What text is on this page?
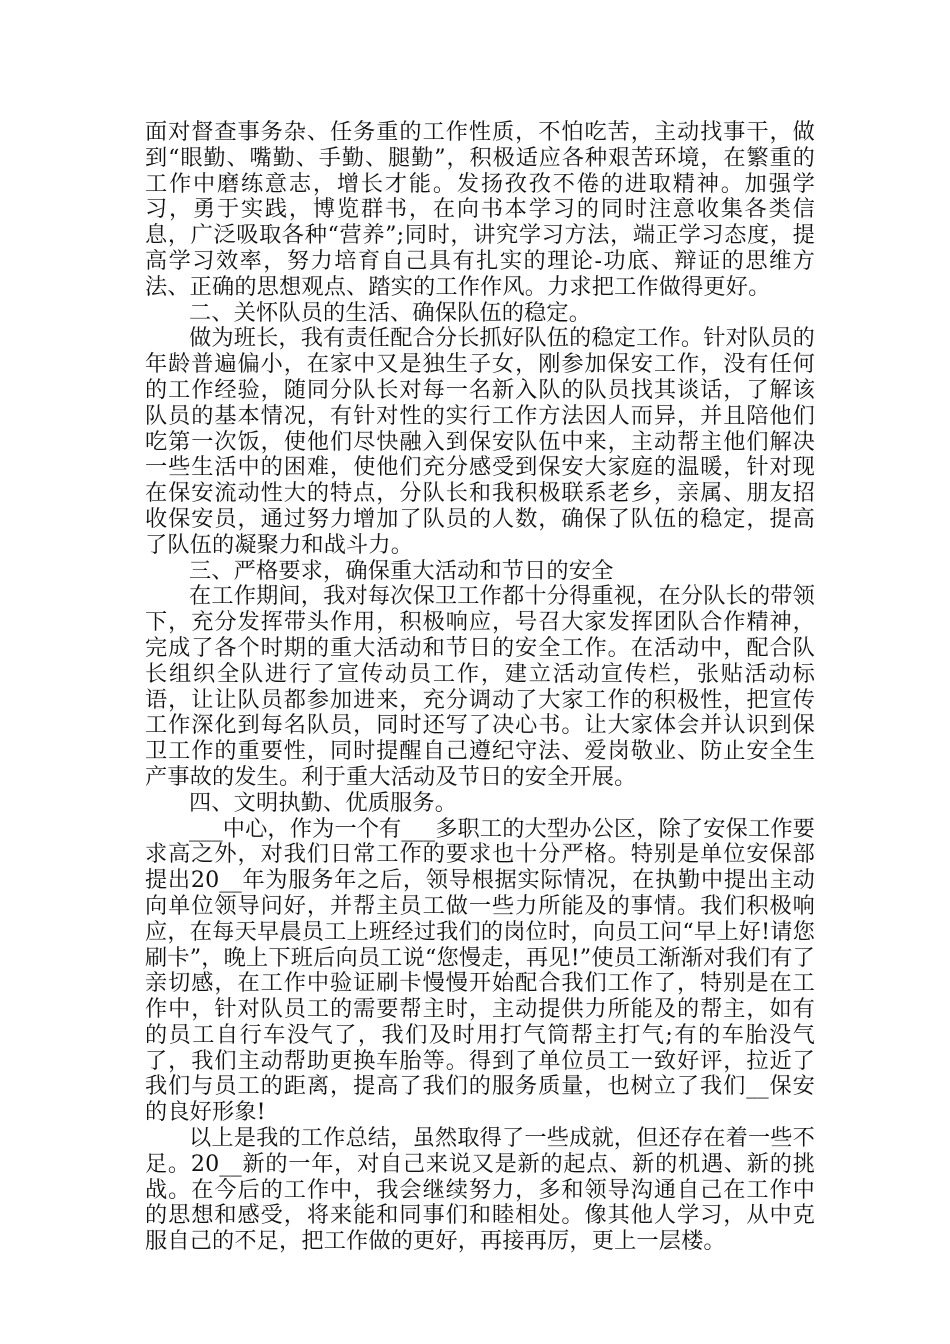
面对督查事务杂、任务重的工作性质，不怕吃苦，主动找事干，做到“眼勤、嘴勤、手勤、腿勤”，积极适应各种艰苦环境，在繁重的工作中磨练意志，增长才能。发扬孜孜不倦的进取精神。加强学习，勇于实践，博览群书，在向书本学习的同时注意收集各类信息，广泛吸取各种“营养”;同时，讲究学习方法，端正学习态度，提高学习效率，努力培育自己具有扎实的理论-功底、辩证的思维方法、正确的思想观点、踏实的工作作风。力求把工作做得更好。

二、关怀队员的生活、确保队伍的稳定。

做为班长，我有责任配合分长抓好队伍的稳定工作。针对队员的年龄普遍偏小，在家中又是独生子女，刚参加保安工作，没有任何的工作经验，随同分队长对每一名新入队的队员找其谈话，了解该队员的基本情况，有针对性的实行工作方法因人而异，并且陪他们吃第一次饭，使他们尽快融入到保安队伍中来，主动帮主他们解决一些生活中的困难，使他们充分感受到保安大家庭的温暖，针对现在保安流动性大的特点，分队长和我积极联系老乡，亲属、朋友招收保安员，通过努力增加了队员的人数，确保了队伍的稳定，提高了队伍的凝聚力和战斗力。

三、严格要求，确保重大活动和节日的安全

在工作期间，我对每次保卫工作都十分得重视，在分队长的带领下，充分发挥带头作用，积极响应，号召大家发挥团队合作精神，完成了各个时期的重大活动和节日的安全工作。在活动中，配合队长组织全队进行了宣传动员工作，建立活动宣传栏，张贴活动标语，让让队员都参加进来，充分调动了大家工作的积极性，把宣传工作深化到每名队员，同时还写了决心书。让大家体会并认识到保卫工作的重要性，同时提醒自己遵纪守法、爱岗敬业、防止安全生产事故的发生。利于重大活动及节日的安全开展。

四、文明执勤、优质服务。

___中心，作为一个有___多职工的大型办公区，除了安保工作要求高之外，对我们日常工作的要求也十分严格。特别是单位安保部提出20__年为服务年之后，领导根据实际情况，在执勤中提出主动向单位领导问好，并帮主员工做一些力所能及的事情。我们积极响应，在每天早晨员工上班经过我们的岗位时，向员工问“早上好!请您刷卡”，晚上下班后向员工说“您慢走，再见!”使员工渐渐对我们有了亲切感，在工作中验证刷卡慢慢开始配合我们工作了，特别是在工作中，针对队员工的需要帮主时，主动提供力所能及的帮主，如有的员工自行车没气了，我们及时用打气筒帮主打气;有的车胎没气了，我们主动帮助更换车胎等。得到了单位员工一致好评，拉近了我们与员工的距离，提高了我们的服务质量，也树立了我们__保安的良好形象!

以上是我的工作总结，虽然取得了一些成就，但还存在着一些不足。20__新的一年，对自己来说又是新的起点、新的机遇、新的挑战。在今后的工作中，我会继续努力，多和领导沟通自己在工作中的思想和感受，将来能和同事们和睦相处。像其他人学习，从中克服自己的不足，把工作做的更好，再接再厉，更上一层楼。
